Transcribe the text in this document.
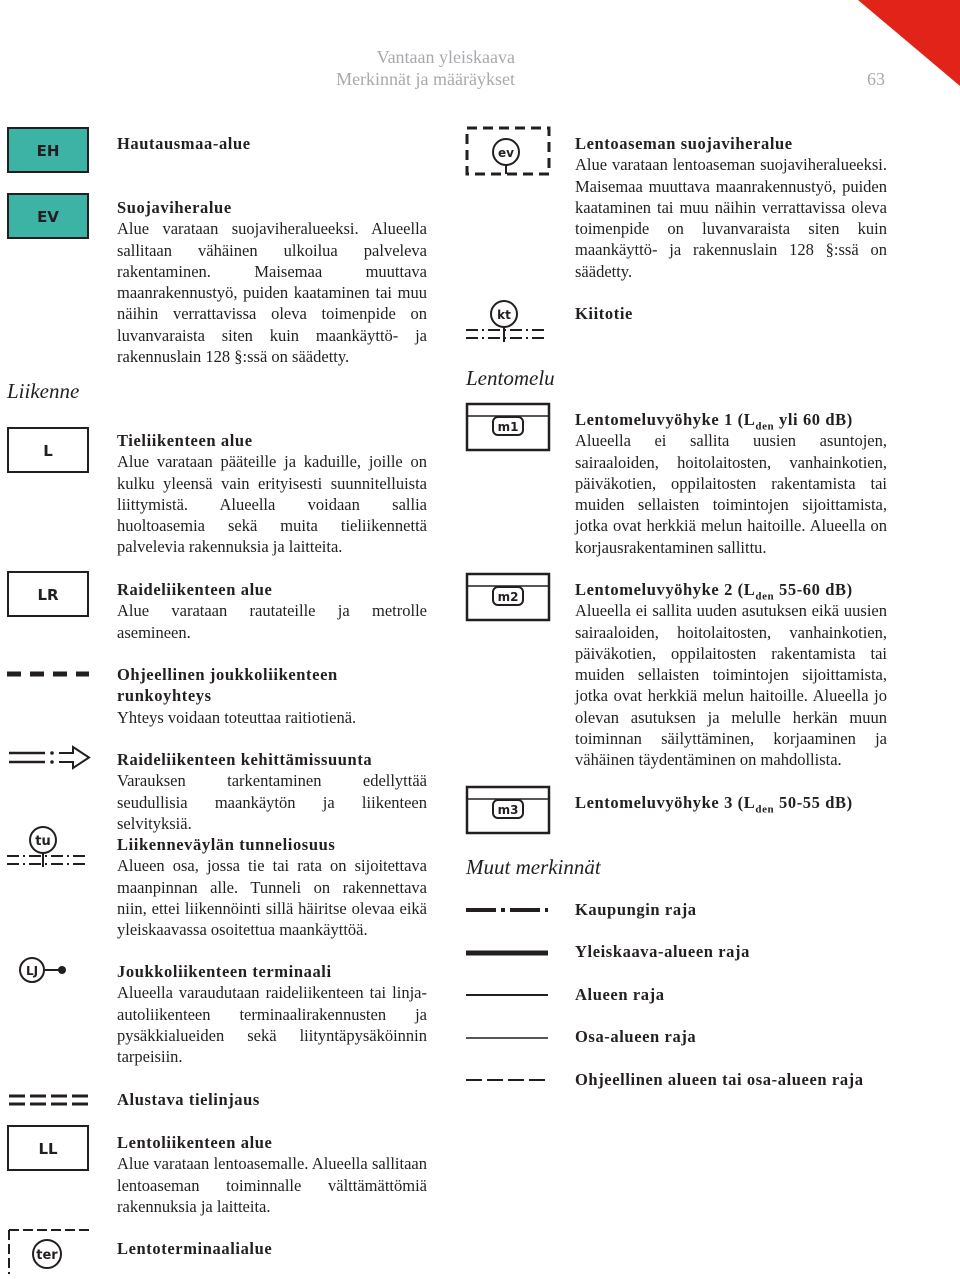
Vantaan yleiskaava
Merkinnät ja määräykset	63
Liikenne
Lentomelu
Muut merkinnät
EH
EV
L
LR
tu
LJ
LL
ter
Hautausmaa-alue
Suojaviheralue
Alue varataan suojaviheralueeksi. Alueella sallitaan vähäinen ulkoilua palveleva rakentaminen. Maisemaa muuttava maanrakennustyö, puiden kaataminen tai muu näihin verrattavissa oleva toimenpide on luvanvaraista siten kuin maankäyttö- ja rakennuslain 128 §:ssä on säädetty.
Tieliikenteen alue
Alue varataan pääteille ja kaduille, joille on kulku yleensä vain erityisesti suunnitelluista liittymistä. Alueella voidaan sallia huoltoasemia sekä muita tieliikennettä palvelevia rakennuksia ja laitteita.
Raideliikenteen alue
Alue varataan rautateille ja metrolle asemineen.
Ohjeellinen joukkoliikenteen runkoyhteys
Yhteys voidaan toteuttaa raitiotienä.
Raideliikenteen kehittämissuunta
Varauksen tarkentaminen edellyttää seudullisia maankäytön ja liikenteen selvityksiä.
Liikenneväylän tunneliosuus
Alueen osa, jossa tie tai rata on sijoitettava maanpinnan alle. Tunneli on rakennettava niin, ettei liikennöinti sillä häiritse olevaa eikä yleiskaavassa osoitettua maankäyttöä.
Joukkoliikenteen terminaali
Alueella varaudutaan raideliikenteen tai linja-autoliikenteen terminaalirakennusten ja pysäkkialueiden sekä liityntäpysäköinnin tarpeisiin.
Alustava tielinjaus
Lentoliikenteen alue
Alue varataan lentoasemalle. Alueella sallitaan lentoaseman toiminnalle välttämättömiä rakennuksia ja laitteita.
Lentoterminaalialue
ev
kt
m1
m2
m3
Lentoaseman suojaviheralue
Alue varataan lentoaseman suojaviheralueeksi. Maisemaa muuttava maanrakennustyö, puiden kaataminen tai muu näihin verrattavissa oleva toimenpide on luvanvaraista siten kuin maankäyttö- ja rakennuslain 128 §:ssä on säädetty.
Kiitotie
Lentomeluvyöhyke 1 ($L_{den}$ yli 60 dB)
Alueella ei sallita uusien asuntojen, sairaaloiden, hoitolaitosten, vanhainkotien, päiväkotien, oppilaitosten rakentamista tai muiden sellaisten toimintojen sijoittamista, jotka ovat herkkiä melun haitoille. Alueella on korjausrakentaminen sallittu.
Lentomeluvyöhyke 2 ($L_{den}$ 55-60 dB)
Alueella ei sallita uuden asutuksen eikä uusien sairaaloiden, hoitolaitosten, vanhainkotien, päiväkotien, oppilaitosten rakentamista tai muiden sellaisten toimintojen sijoittamista, jotka ovat herkkiä melun haitoille. Alueella jo olevan asutuksen ja melulle herkän muun toiminnan säilyttäminen, korjaaminen ja vähäinen täydentäminen on mahdollista.
Lentomeluvyöhyke 3 ($L_{den}$ 50-55 dB)
Kaupungin raja
Yleiskaava-alueen raja
Alueen raja
Osa-alueen raja
Ohjeellinen alueen tai osa-alueen raja
